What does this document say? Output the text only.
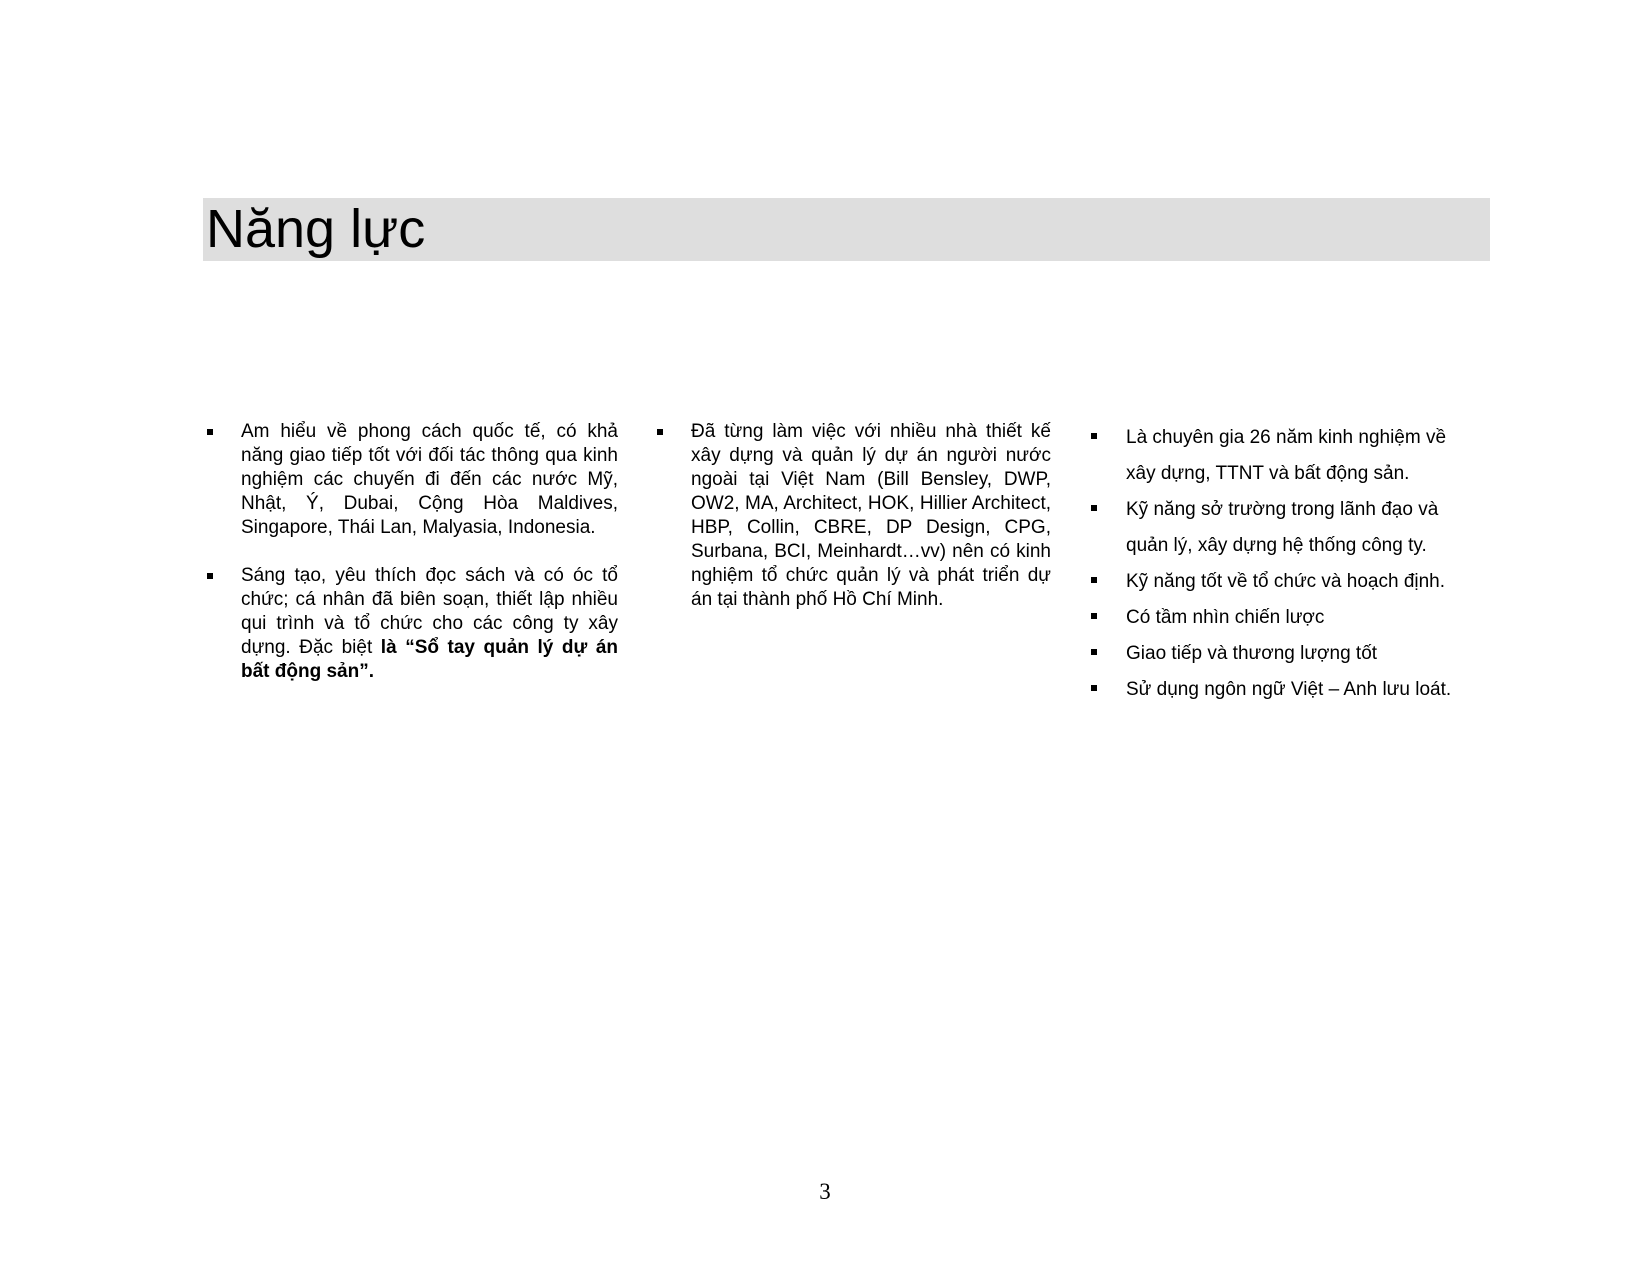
Năng lực
Am hiểu về phong cách quốc tế, có khả năng giao tiếp tốt với đối tác thông qua kinh nghiệm các chuyến đi đến các nước Mỹ, Nhật, Ý, Dubai, Cộng Hòa Maldives, Singapore, Thái Lan, Malyasia, Indonesia.
Sáng tạo, yêu thích đọc sách và có óc tổ chức; cá nhân đã biên soạn, thiết lập nhiều qui trình và tổ chức cho các công ty xây dựng. Đặc biệt là “Sổ tay quản lý dự án bất động sản”.
Đã từng làm việc với nhiều nhà thiết kế xây dựng và quản lý dự án người nước ngoài tại Việt Nam (Bill Bensley, DWP, OW2, MA, Architect, HOK, Hillier Architect, HBP, Collin, CBRE, DP Design, CPG, Surbana, BCI, Meinhardt…vv) nên có kinh nghiệm tổ chức quản lý và phát triển dự án tại thành phố Hồ Chí Minh.
Là chuyên gia 26 năm kinh nghiệm về xây dựng, TTNT và bất động sản.
Kỹ năng sở trường trong lãnh đạo và quản lý, xây dựng hệ thống công ty.
Kỹ năng tốt về tổ chức và hoạch định.
Có tầm nhìn chiến lược
Giao tiếp và thương lượng tốt
Sử dụng ngôn ngữ Việt – Anh lưu loát.
3
